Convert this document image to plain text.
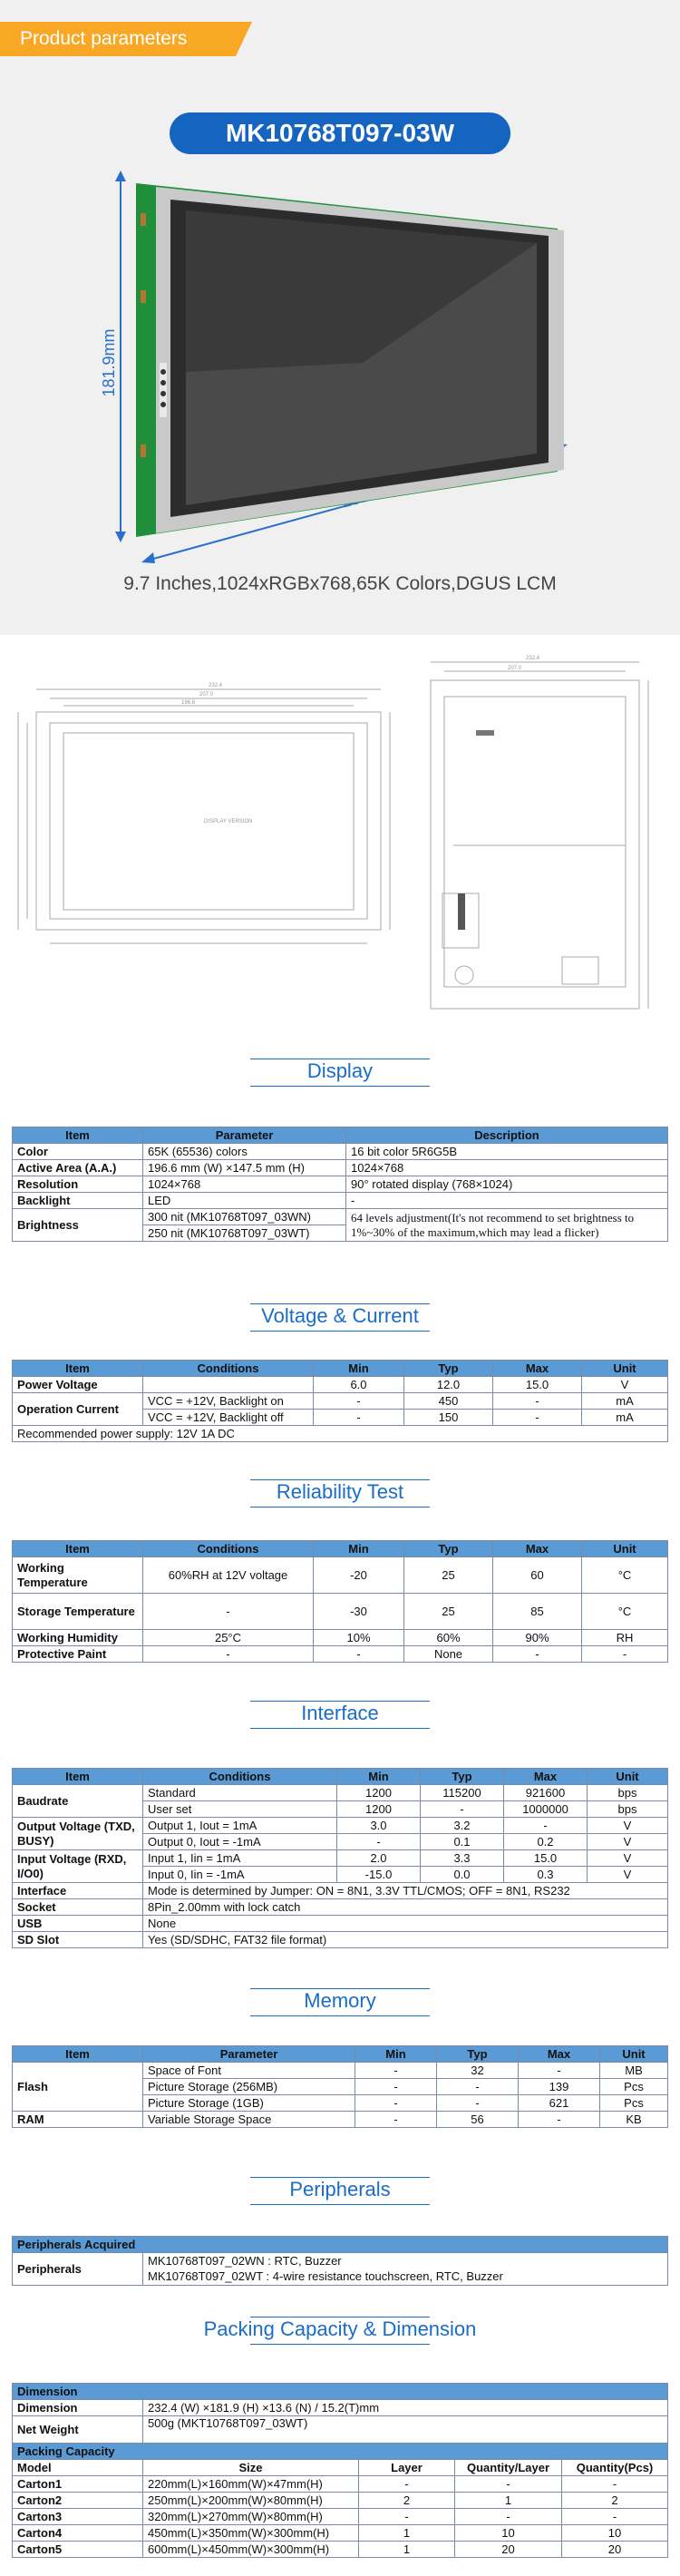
Product parameters
MK10768T097-03W
181.9mm
9.7 Inches,1024xRGBx768,65K Colors,DGUS LCM
232.4
207.0
196.6
232.4
207.0
DISPLAY VERSION
Display
Item	Parameter	Description
Color	65K (65536) colors	16 bit color 5R6G5B
Active Area (A.A.)	196.6 mm (W) ×147.5 mm (H)	1024×768
Resolution	1024×768	90° rotated display (768×1024)
Backlight	LED	-
Brightness	300 nit (MK10768T097_03WN)	64 levels adjustment(It's not recommend to set brightness to 1%~30% of the maximum,which may lead a flicker)
	250 nit (MK10768T097_03WT)	
Voltage & Current
Item	Conditions	Min	Typ	Max	Unit
Power Voltage		6.0	12.0	15.0	V
Operation Current	VCC = +12V, Backlight on	-	450	-	mA
	VCC = +12V, Backlight off	-	150	-	mA
Recommended power supply: 12V 1A DC					
Reliability Test
Item	Conditions	Min	Typ	Max	Unit
Working Temperature	60%RH at 12V voltage	-20	25	60	°C
Storage Temperature	-	-30	25	85	°C
Working Humidity	25°C	10%	60%	90%	RH
Protective Paint	-	-	None	-	-
Interface
Item	Conditions	Min	Typ	Max	Unit
Baudrate	Standard	1200	115200	921600	bps
	User set	1200	-	1000000	bps
Output Voltage (TXD, BUSY)	Output 1, Iout = 1mA	3.0	3.2	-	V
	Output 0, Iout = -1mA	-	0.1	0.2	V
Input Voltage (RXD, I/O0)	Input 1, Iin = 1mA	2.0	3.3	15.0	V
	Input 0, Iin = -1mA	-15.0	0.0	0.3	V
Interface	Mode is determined by Jumper: ON = 8N1, 3.3V TTL/CMOS; OFF = 8N1, RS232				
Socket	8Pin_2.00mm with lock catch				
USB	None				
SD Slot	Yes (SD/SDHC, FAT32 file format)				
Memory
Item	Parameter	Min	Typ	Max	Unit
Flash	Space of Font	-	32	-	MB
	Picture Storage (256MB)	-	-	139	Pcs
	Picture Storage (1GB)	-	-	621	Pcs
RAM	Variable Storage Space	-	56	-	KB
Peripherals
Peripherals Acquired
Peripherals	MK10768T097_02WN : RTC, Buzzer
MK10768T097_02WT : 4-wire resistance touchscreen, RTC, Buzzer
Packing Capacity & Dimension
Dimension				
Dimension	232.4 (W) ×181.9 (H) ×13.6 (N) / 15.2(T)mm			
Net Weight	500g (MKT10768T097_03WT)			
Packing Capacity				
Model	Size	Layer	Quantity/Layer	Quantity(Pcs)
Carton1	220mm(L)×160mm(W)×47mm(H)	-	-	-
Carton2	250mm(L)×200mm(W)×80mm(H)	2	1	2
Carton3	320mm(L)×270mm(W)×80mm(H)	-	-	-
Carton4	450mm(L)×350mm(W)×300mm(H)	1	10	10
Carton5	600mm(L)×450mm(W)×300mm(H)	1	20	20
